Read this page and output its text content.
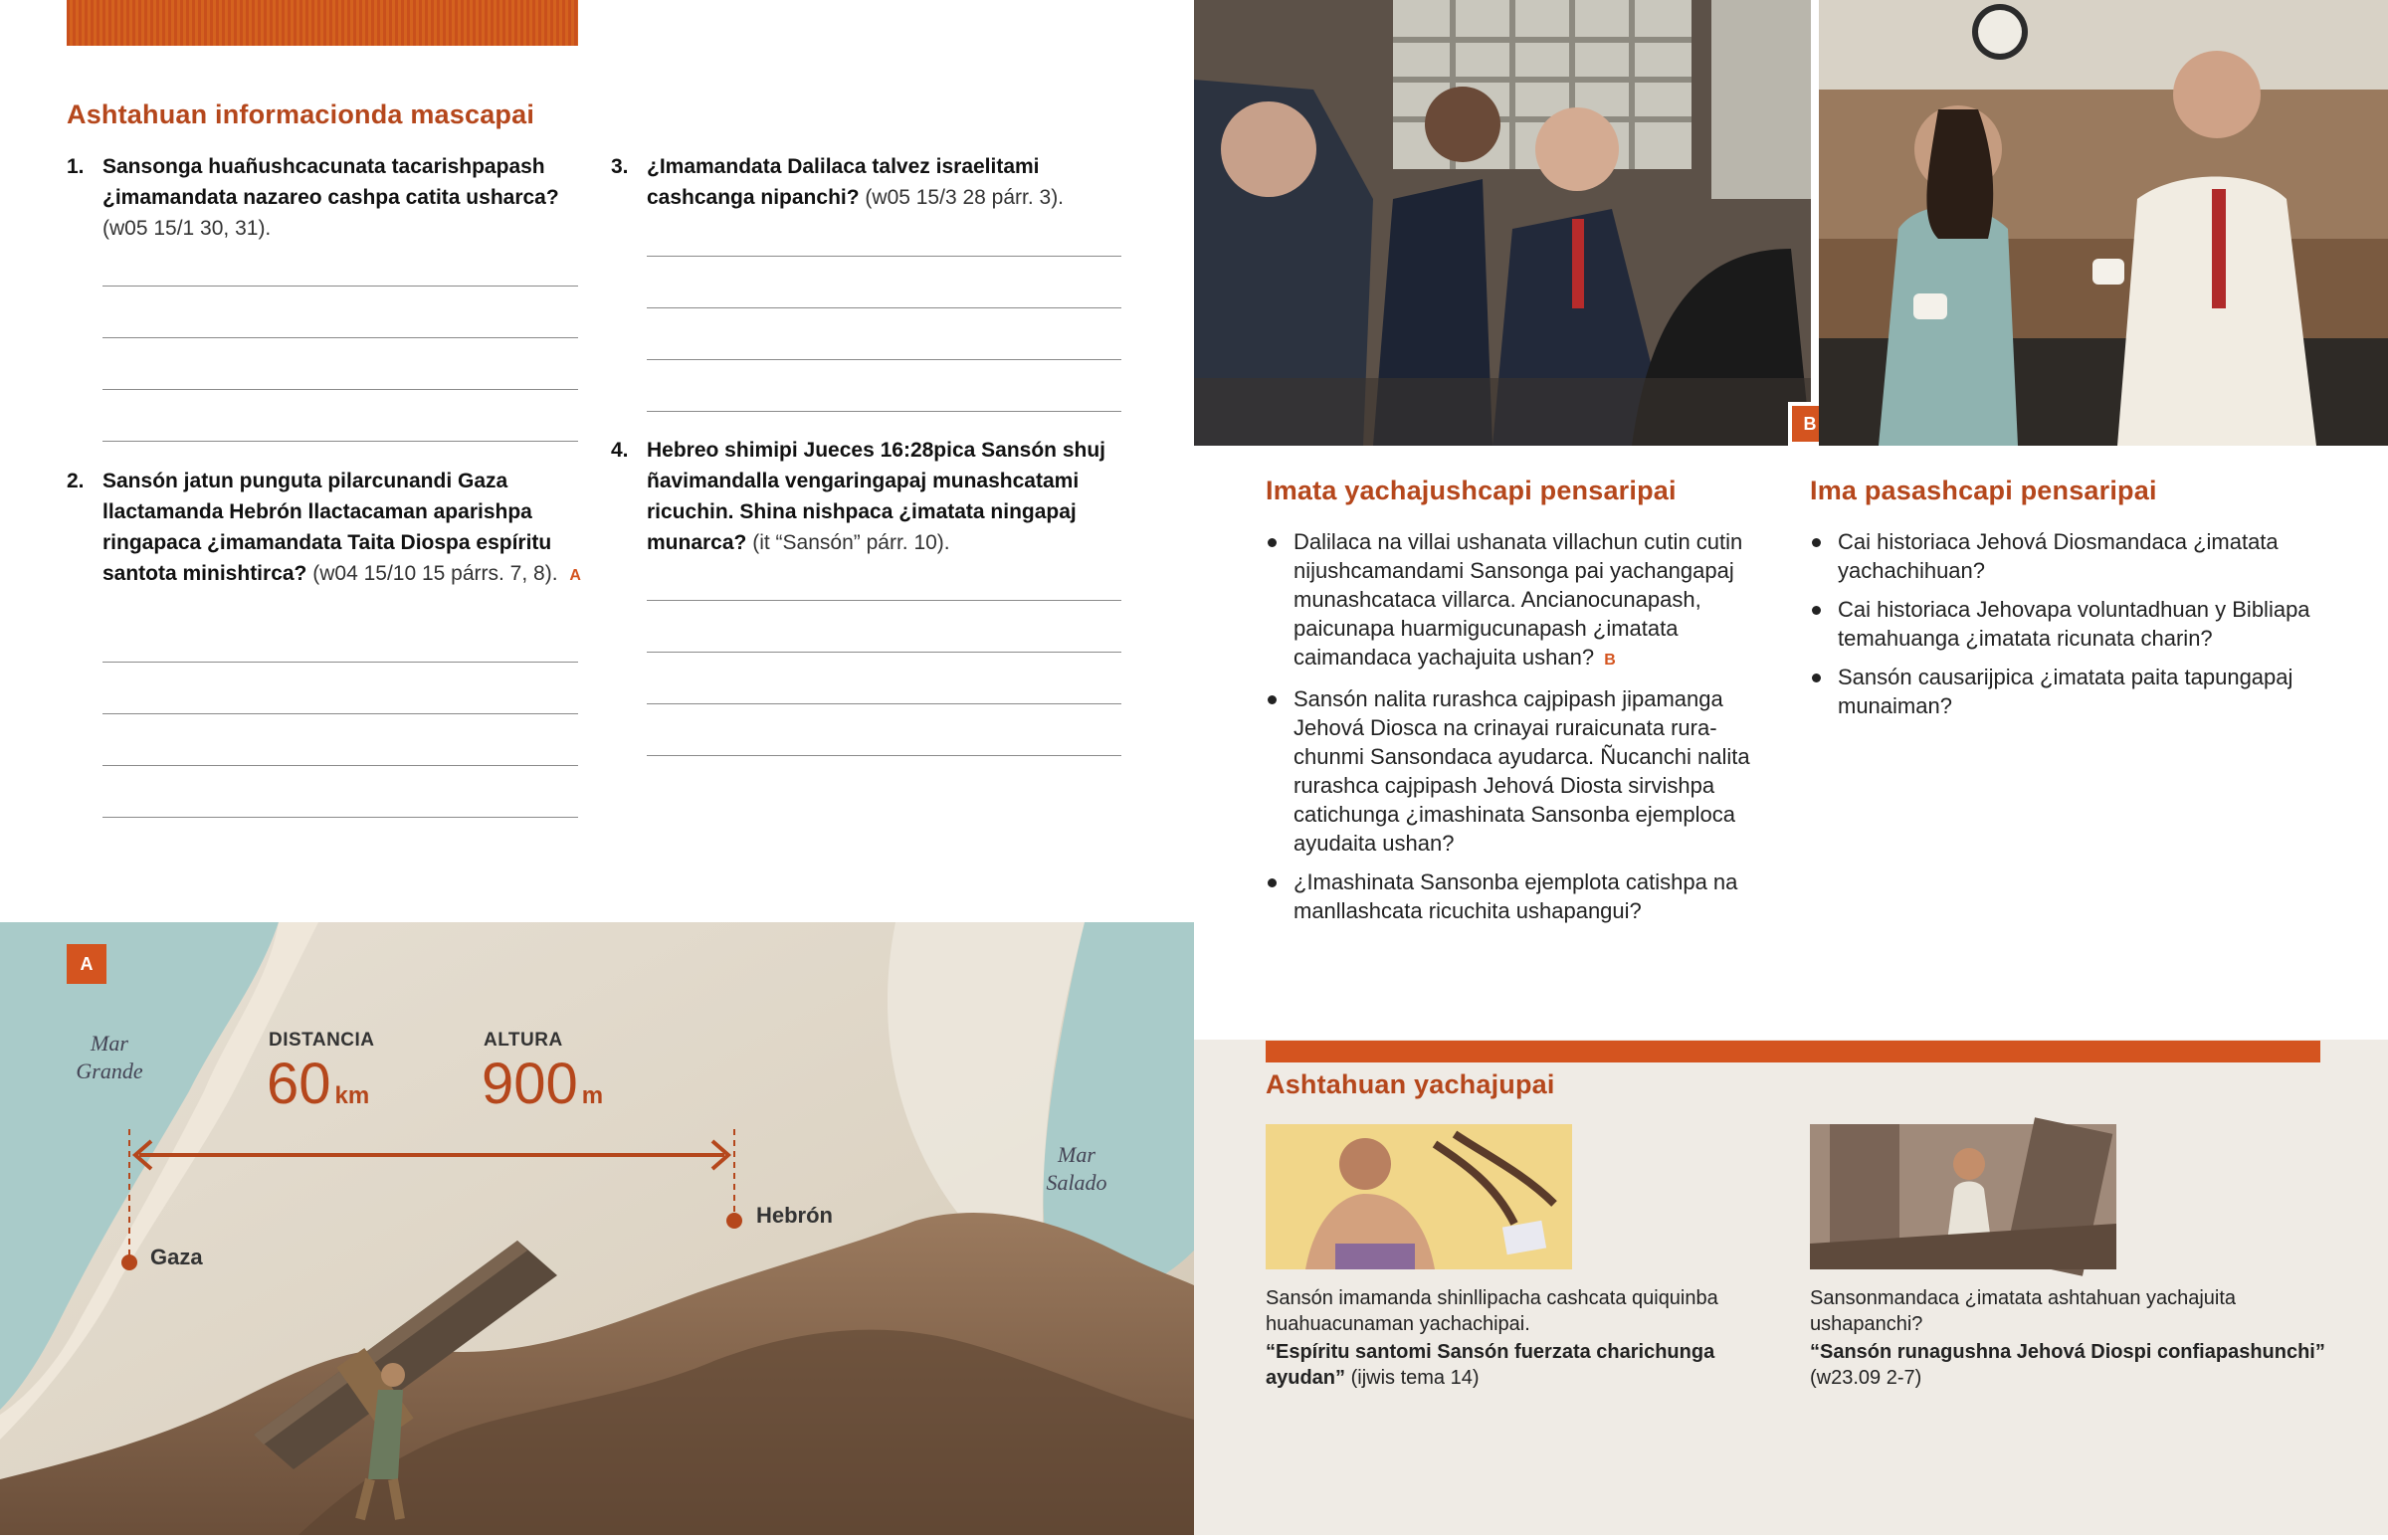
Ashtahuan informacionda mascapai
1. Sansonga huañushcacunata tacarishpapash ¿imamandata nazareo cashpa catita usharca?
(w05 15/1 30, 31).
2. Sansón jatun punguta pilarcunandi Gaza llactamanda Hebrón llactacaman aparishpa ringapaca ¿imamandata Taita Diospa espíritu santota minishtirca? (w04 15/10 15 párrs. 7, 8). A
3. ¿Imamandata Dalilaca talvez israelitami cashcanga nipanchi? (w05 15/3 28 párr. 3).
4. Hebreo shimipi Jueces 16:28pica Sansón shuj ñavimandalla vengaringapaj munashcatami ricuchin. Shina nishpaca ¿imatata ningapaj munarca? (it “Sansón” párr. 10).
A
Mar Grande
Mar Salado
DISTANCIA
60 km
ALTURA
900 m
Gaza
Hebrón
B
Imata yachajushcapi pensaripai
Dalilaca na villai ushanata villachun cutin cutin nijushcamandami Sansonga pai yachangapaj munashcataca villarca. Ancianocunapash, paicunapa huarmigucunapash ¿imatata caimandaca yachajuita ushan? B
Sansón nalita rurashca cajpipash jipamanga Jehová Diosca na crinayai ruraicunata rurachunmi Sansondaca ayudarca. Ñucanchi nalita rurashca cajpipash Jehová Diosta sirvishpa catichunga ¿imashinata Sansonba ejemploca ayudaita ushan?
¿Imashinata Sansonba ejemplota catishpa na manllashcata ricuchita ushapangui?
Ima pasashcapi pensaripai
Cai historiaca Jehová Diosmandaca ¿imatata yachachihuan?
Cai historiaca Jehovapa voluntadhuan y Bibliapa temahuanga ¿imatata ricunata charin?
Sansón causarijpica ¿imatata paita tapungapaj munaiman?
Ashtahuan yachajupai
Sansón imamanda shinllipacha cashcata quiquinba huahuacunaman yachachipai.
“Espíritu santomi Sansón fuerzata charichunga ayudan” (ijwis tema 14)
Sansonmandaca ¿imatata ashtahuan yachajuita ushapanchi?
“Sansón runagushna Jehová Diospi confiapashunchi” (w23.09 2-7)
